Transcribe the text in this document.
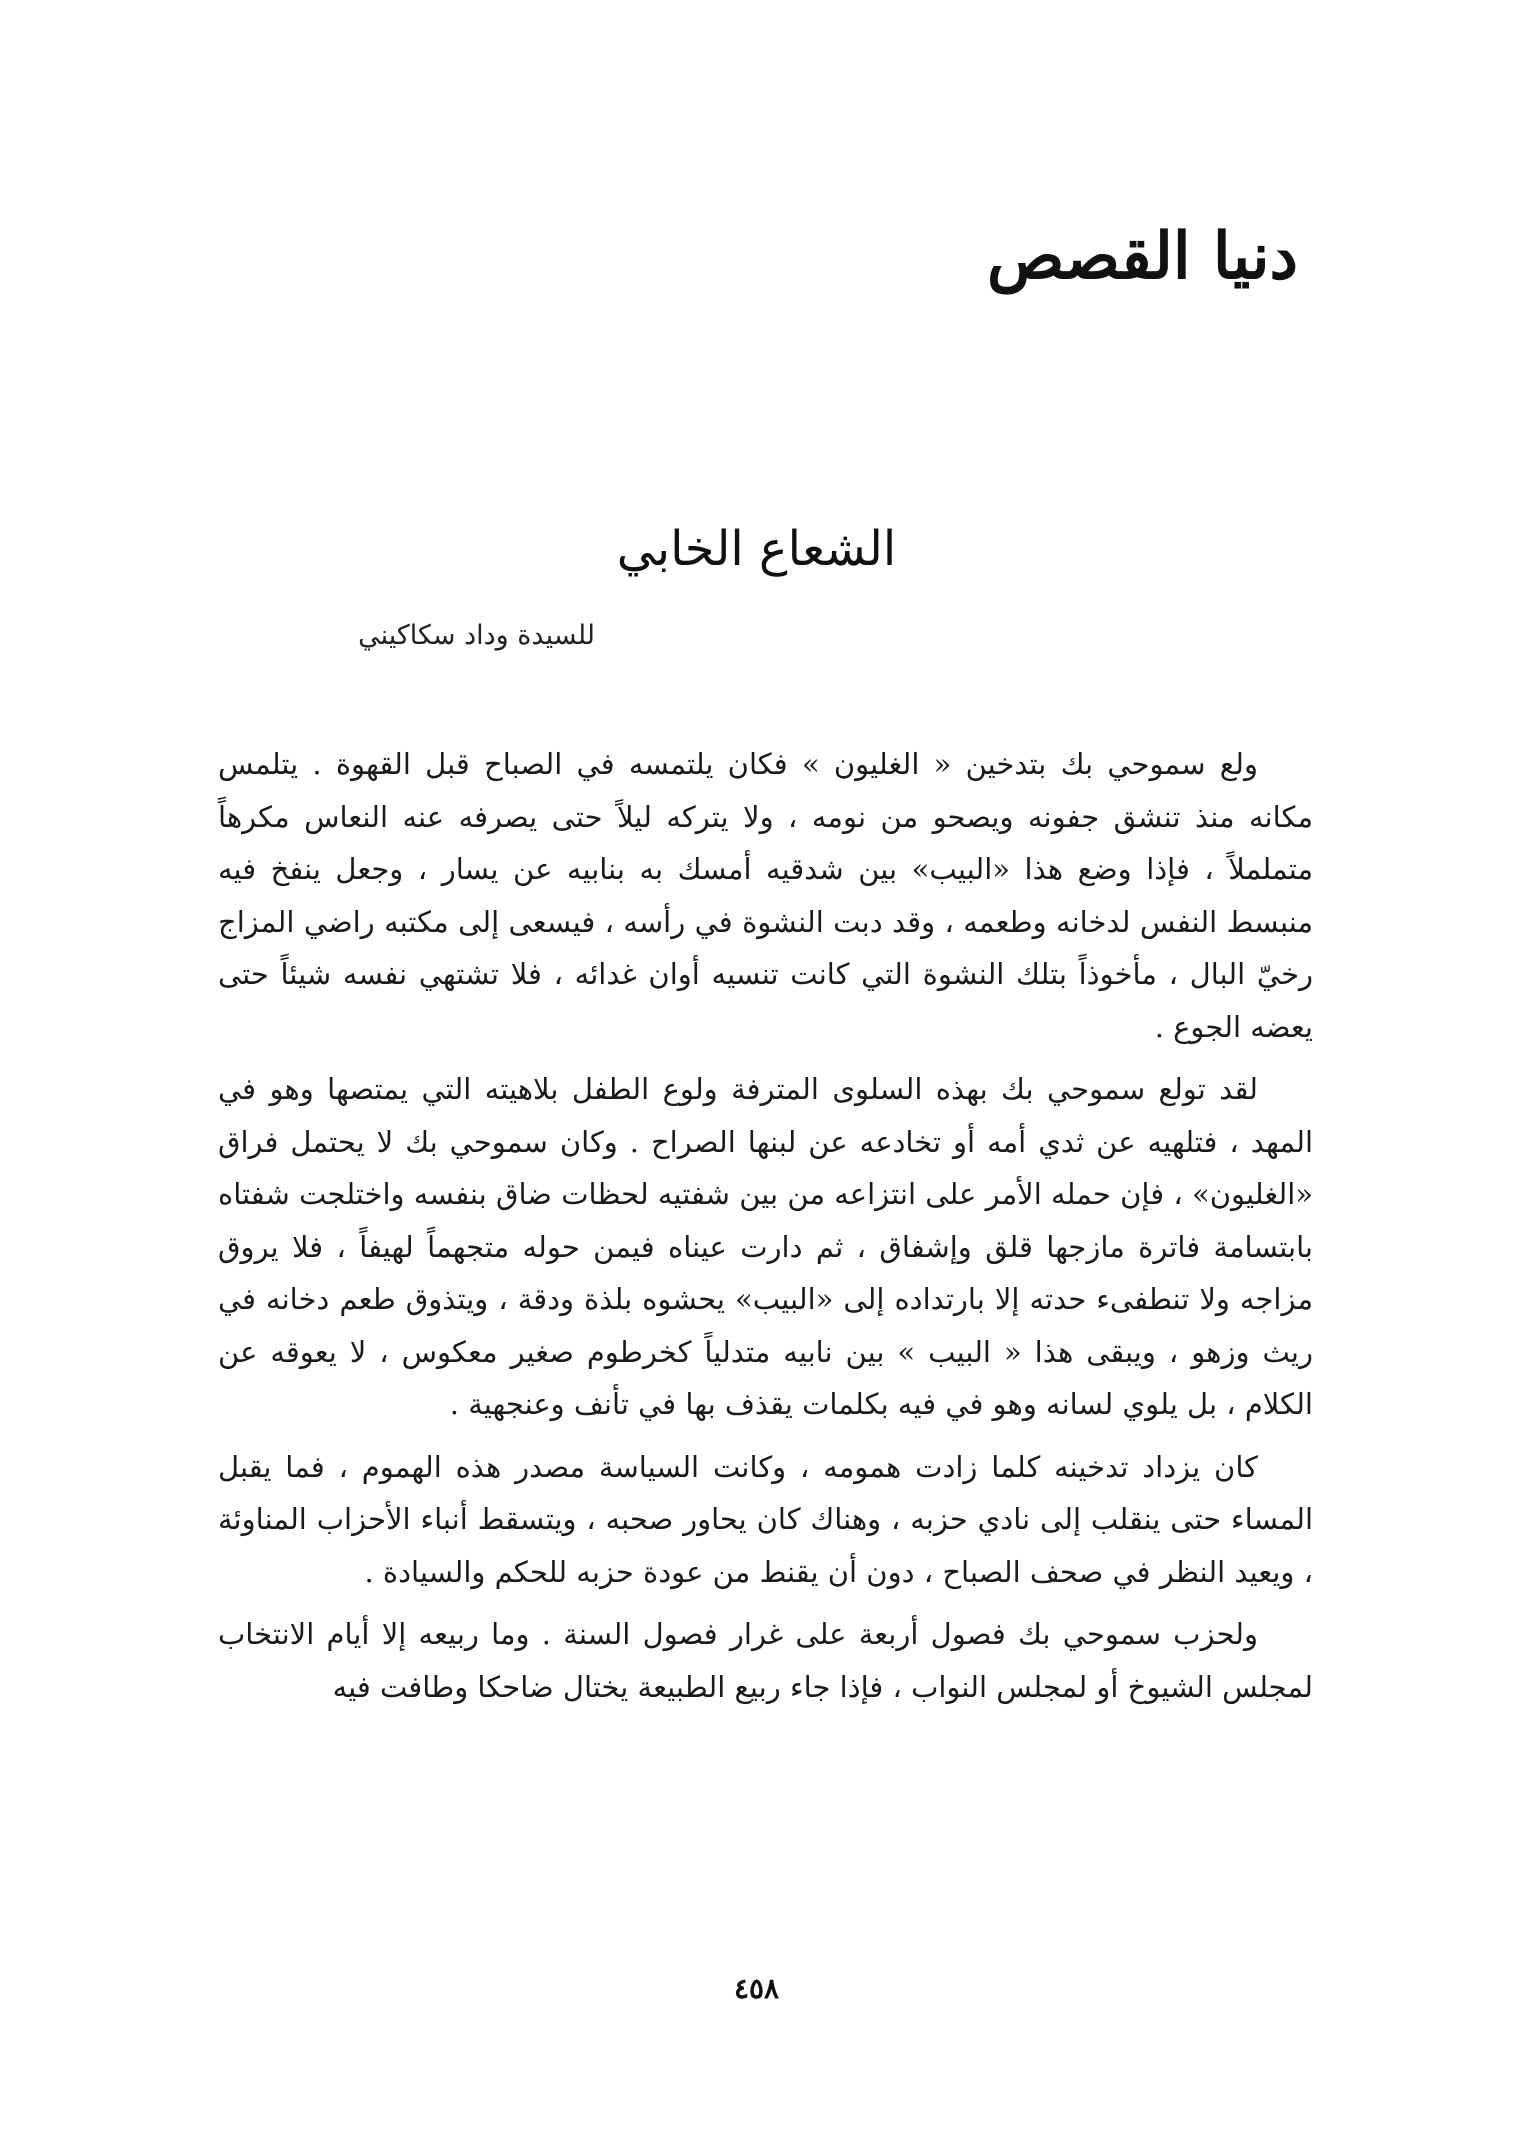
دنيا القصص
الشعاع الخابي
للسيدة وداد سكاكيني

ولع سموحي بك بتدخين « الغليون » فكان يلتمسه في الصباح قبل القهوة . يتلمس مكانه منذ تنشق جفونه ويصحو من نومه ، ولا يتركه ليلاً حتى يصرفه عنه النعاس مكرهاً متململاً ، فإذا وضع هذا «البيب» بين شدقيه أمسك به بنابيه عن يسار ، وجعل ينفخ فيه منبسط النفس لدخانه وطعمه ، وقد دبت النشوة في رأسه ، فيسعى إلى مكتبه راضي المزاج رخيّ البال ، مأخوذاً بتلك النشوة التي كانت تنسيه أوان غدائه ، فلا تشتهي نفسه شيئاً حتى يعضه الجوع .

لقد تولع سموحي بك بهذه السلوى المترفة ولوع الطفل بلاهيته التي يمتصها وهو في المهد ، فتلهيه عن ثدي أمه أو تخادعه عن لبنها الصراح . وكان سموحي بك لا يحتمل فراق «الغليون» ، فإن حمله الأمر على انتزاعه من بين شفتيه لحظات ضاق بنفسه واختلجت شفتاه بابتسامة فاترة مازجها قلق وإشفاق ، ثم دارت عيناه فيمن حوله متجهماً لهيفاً ، فلا يروق مزاجه ولا تنطفىء حدته إلا بارتداده إلى «البيب» يحشوه بلذة ودقة ، ويتذوق طعم دخانه في ريث وزهو ، ويبقى هذا « البيب » بين نابيه متدلياً كخرطوم صغير معكوس ، لا يعوقه عن الكلام ، بل يلوي لسانه وهو في فيه بكلمات يقذف بها في تأنف وعنجهية .

كان يزداد تدخينه كلما زادت همومه ، وكانت السياسة مصدر هذه الهموم ، فما يقبل المساء حتى ينقلب إلى نادي حزبه ، وهناك كان يحاور صحبه ، ويتسقط أنباء الأحزاب المناوئة ، ويعيد النظر في صحف الصباح ، دون أن يقنط من عودة حزبه للحكم والسيادة .

ولحزب سموحي بك فصول أربعة على غرار فصول السنة . وما ربيعه إلا أيام الانتخاب لمجلس الشيوخ أو لمجلس النواب ، فإذا جاء ربيع الطبيعة يختال ضاحكا وطافت فيه

٤٥٨
